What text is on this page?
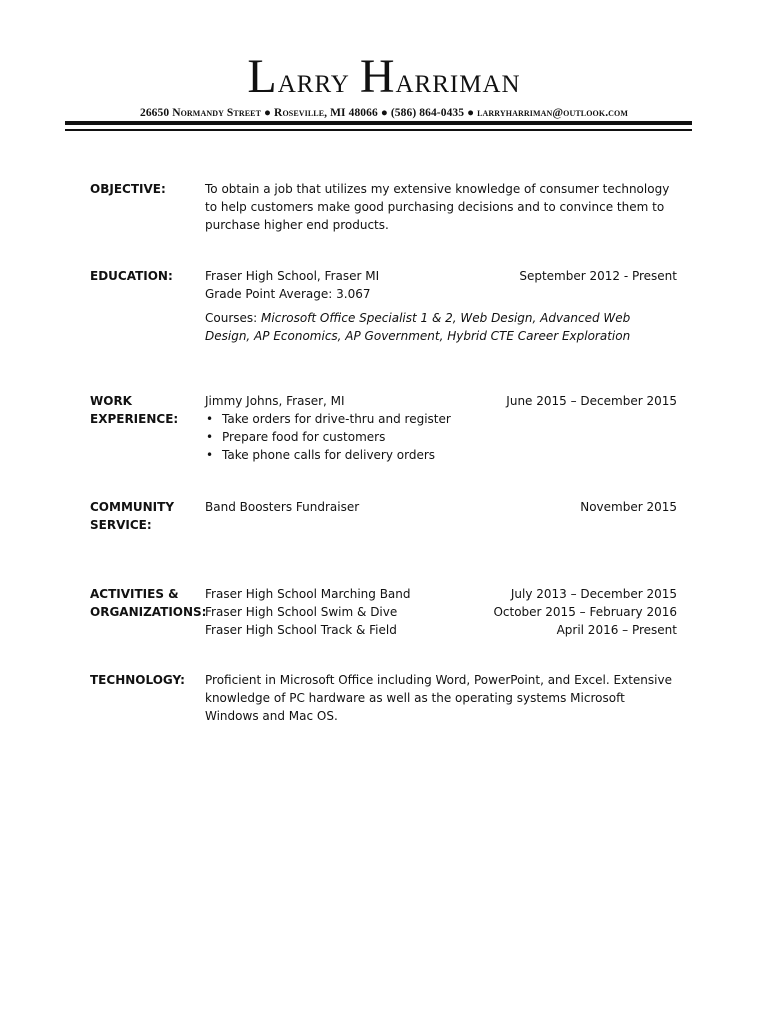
Larry Harriman
26650 Normandy Street ● Roseville, MI 48066 ● (586) 864-0435 ● larryharriman@outlook.com
OBJECTIVE:	To obtain a job that utilizes my extensive knowledge of consumer technology to help customers make good purchasing decisions and to convince them to purchase higher end products.
EDUCATION:	Fraser High School, Fraser MI	September 2012 - Present
Grade Point Average: 3.067
Courses: Microsoft Office Specialist 1 & 2, Web Design, Advanced Web Design, AP Economics, AP Government, Hybrid CTE Career Exploration
WORK
EXPERIENCE:
Jimmy Johns, Fraser, MI	June 2015 – December 2015
• Take orders for drive-thru and register
• Prepare food for customers
• Take phone calls for delivery orders
COMMUNITY
SERVICE:
Band Boosters Fundraiser	November 2015
ACTIVITIES &
ORGANIZATIONS:
Fraser High School Marching Band	July 2013 – December 2015
Fraser High School Swim & Dive	October 2015 – February 2016
Fraser High School Track & Field	April 2016 – Present
TECHNOLOGY:	Proficient in Microsoft Office including Word, PowerPoint, and Excel. Extensive knowledge of PC hardware as well as the operating systems Microsoft Windows and Mac OS.
